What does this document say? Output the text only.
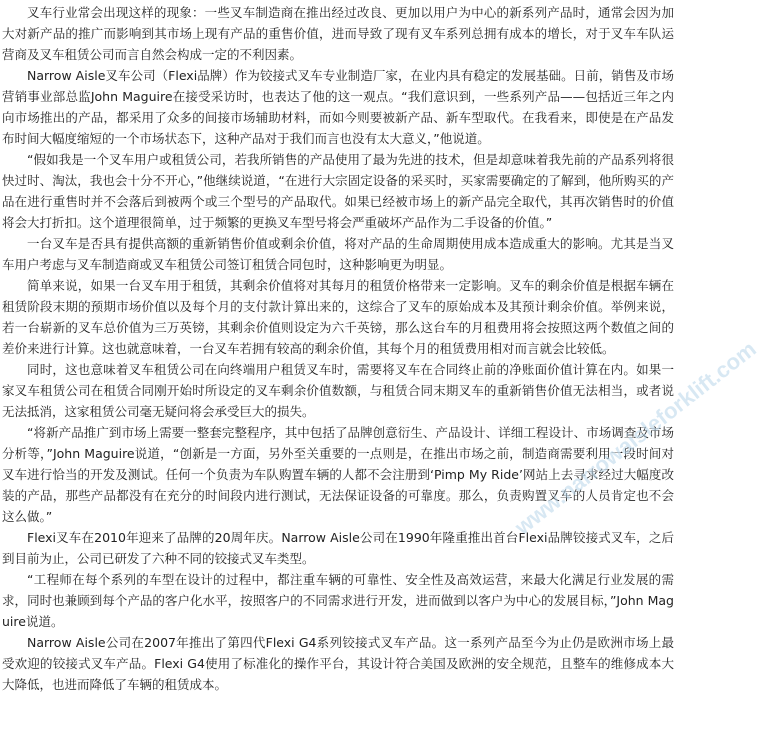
叉车行业常会出现这样的现象：一些叉车制造商在推出经过改良、更加以用户为中心的新系列产品时，通常会因为加大对新产品的推广而影响到其市场上现有产品的重售价值，进而导致了现有叉车系列总拥有成本的增长，对于叉车车队运营商及叉车租赁公司而言自然会构成一定的不利因素。

Narrow Aisle叉车公司（Flexi品牌）作为铰接式叉车专业制造厂家，在业内具有稳定的发展基础。日前，销售及市场营销事业部总监John Maguire在接受采访时，也表达了他的这一观点。“我们意识到，一些系列产品——包括近三年之内向市场推出的产品，都采用了众多的间接市场辅助材料，而如今则要被新产品、新车型取代。在我看来，即使是在产品发布时间大幅度缩短的一个市场状态下，这种产品对于我们而言也没有太大意义，”他说道。

“假如我是一个叉车用户或租赁公司，若我所销售的产品使用了最为先进的技术，但是却意味着我先前的产品系列将很快过时、淘汰，我也会十分不开心，”他继续说道，“在进行大宗固定设备的采买时，买家需要确定的了解到，他所购买的产品在进行重售时并不会落后到被两个或三个型号的产品取代。如果已经被市场上的新产品完全取代，其再次销售时的价值将会大打折扣。这个道理很简单，过于频繁的更换叉车型号将会严重破坏产品作为二手设备的价值。”

一台叉车是否具有提供高额的重新销售价值或剩余价值，将对产品的生命周期使用成本造成重大的影响。尤其是当叉车用户考虑与叉车制造商或叉车租赁公司签订租赁合同包时，这种影响更为明显。

简单来说，如果一台叉车用于租赁，其剩余价值将对其每月的租赁价格带来一定影响。叉车的剩余价值是根据车辆在租赁阶段末期的预期市场价值以及每个月的支付款计算出来的，这综合了叉车的原始成本及其预计剩余价值。举例来说，若一台崭新的叉车总价值为三万英镑，其剩余价值则设定为六千英镑，那么这台车的月租费用将会按照这两个数值之间的差价来进行计算。这也就意味着，一台叉车若拥有较高的剩余价值，其每个月的租赁费用相对而言就会比较低。

同时，这也意味着叉车租赁公司在向终端用户租赁叉车时，需要将叉车在合同终止前的净账面价值计算在内。如果一家叉车租赁公司在租赁合同刚开始时所设定的叉车剩余价值数额，与租赁合同末期叉车的重新销售价值无法相当，或者说无法抵消，这家租赁公司毫无疑问将会承受巨大的损失。

“将新产品推广到市场上需要一整套完整程序，其中包括了品牌创意衍生、产品设计、详细工程设计、市场调查及市场分析等，”John Maguire说道，“创新是一方面，另外至关重要的一点则是，在推出市场之前，制造商需要利用一段时间对叉车进行恰当的开发及测试。任何一个负责为车队购置车辆的人都不会注册到‘Pimp My Ride’网站上去寻求经过大幅度改装的产品，那些产品都没有在充分的时间段内进行测试，无法保证设备的可靠度。那么，负责购置叉车的人员肯定也不会这么做。”

Flexi叉车在2010年迎来了品牌的20周年庆。Narrow Aisle公司在1990年隆重推出首台Flexi品牌铰接式叉车，之后到目前为止，公司已研发了六种不同的铰接式叉车类型。

“工程师在每个系列的车型在设计的过程中，都注重车辆的可靠性、安全性及高效运营，来最大化满足行业发展的需求，同时也兼顾到每个产品的客户化水平，按照客户的不同需求进行开发，进而做到以客户为中心的发展目标，”John Maguire说道。

Narrow Aisle公司在2007年推出了第四代Flexi G4系列铰接式叉车产品。这一系列产品至今为止仍是欧洲市场上最受欢迎的铰接式叉车产品。Flexi G4使用了标准化的操作平台，其设计符合美国及欧洲的安全规范，且整车的维修成本大大降低，也进而降低了车辆的租赁成本。

www.narrowaisleforklift.com
